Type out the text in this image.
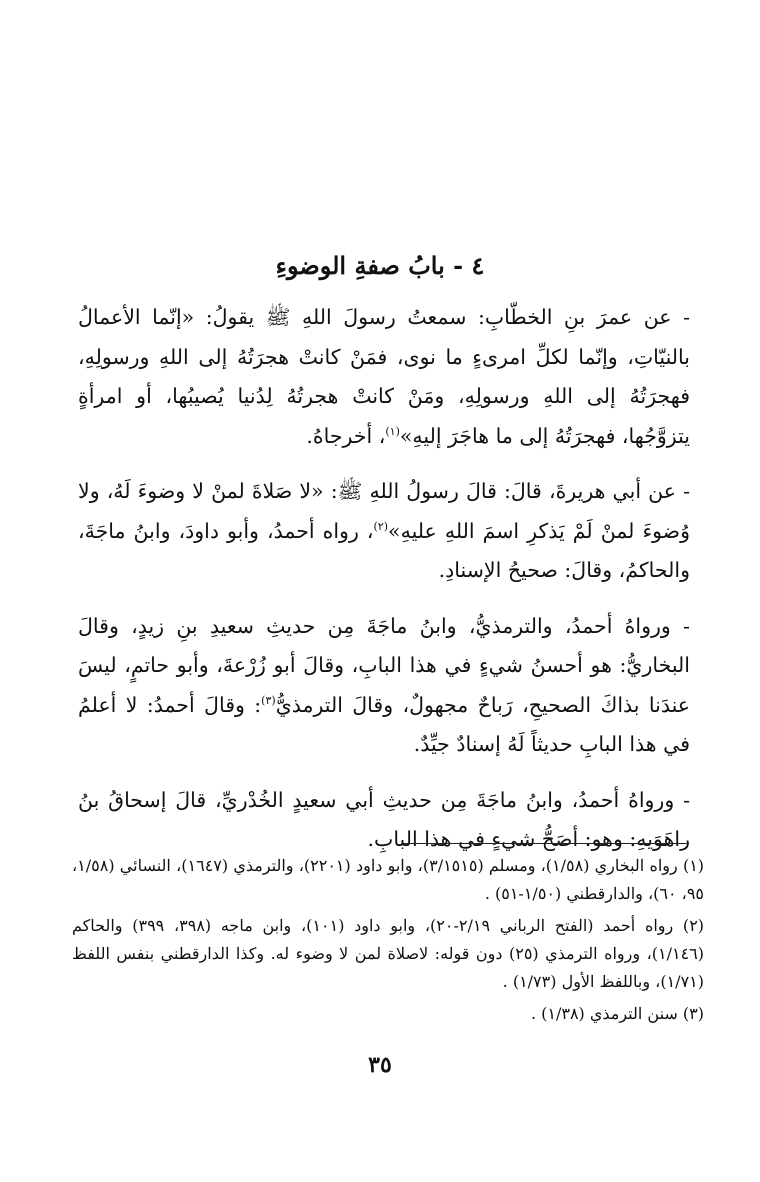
٤ - بابُ صفةِ الوضوءِ

- عن عمرَ بنِ الخطّابِ: سمعتُ رسولَ اللهِ ﷺ يقولُ: «إنّما الأعمالُ بالنيّاتِ، وإنّما لكلِّ امرىءٍ ما نوى، فمَنْ كانتْ هجرَتُهُ إلى اللهِ ورسولِهِ، فهجرَتُهُ إلى اللهِ ورسولِهِ، ومَنْ كانتْ هجرتُهُ لِدُنيا يُصيبُها، أو امرأةٍ يتزوَّجُها، فهجرَتُهُ إلى ما هاجَرَ إليهِ»$^{(١)}$، أخرجاهُ.

- عن أبي هريرةَ، قالَ: قالَ رسولُ اللهِ ﷺ: «لا صَلاةَ لمنْ لا وضوءَ لَهُ، ولا وُضوءَ لمنْ لَمْ يَذكرِ اسمَ اللهِ عليهِ»$^{(٢)}$، رواه أحمدُ، وأبو داودَ، وابنُ ماجَةَ، والحاكمُ، وقالَ: صحيحُ الإسنادِ.

- ورواهُ أحمدُ، والترمذيُّ، وابنُ ماجَةَ مِن حديثِ سعيدِ بنِ زيدٍ، وقالَ البخاريُّ: هو أحسنُ شيءٍ في هذا البابِ، وقالَ أبو زُرْعةَ، وأبو حاتمٍ، ليسَ عندَنا بذاكَ الصحيحِ، رَباحٌ مجهولٌ، وقالَ الترمذيُّ$^{(٣)}$: وقالَ أحمدُ: لا أعلمُ في هذا البابِ حديثاً لَهُ إسنادٌ جيِّدٌ.

- ورواهُ أحمدُ، وابنُ ماجَةَ مِن حديثِ أبي سعيدٍ الخُدْريِّ، قالَ إسحاقُ بنُ راهَوَيهِ: وهو: أصَحُّ شيءٍ في هذا البابِ.

(١) رواه البخاري (١/٥٨)، ومسلم (٣/١٥١٥)، وابو داود (٢٢٠١)، والترمذي (١٦٤٧)، النسائي (١/٥٨، ٩٥، ٦٠)، والدارقطني (١/٥٠-٥١) .

(٢) رواه أحمد (الفتح الرباني ٢/١٩-٢٠)، وابو داود (١٠١)، وابن ماجه (٣٩٨، ٣٩٩) والحاكم (١/١٤٦)، ورواه الترمذي (٢٥) دون قوله: لاصلاة لمن لا وضوء له. وكذا الدارقطني بنفس اللفظ (١/٧١)، وباللفظ الأول (١/٧٣) .

(٣) سنن الترمذي (١/٣٨) .

٣٥
